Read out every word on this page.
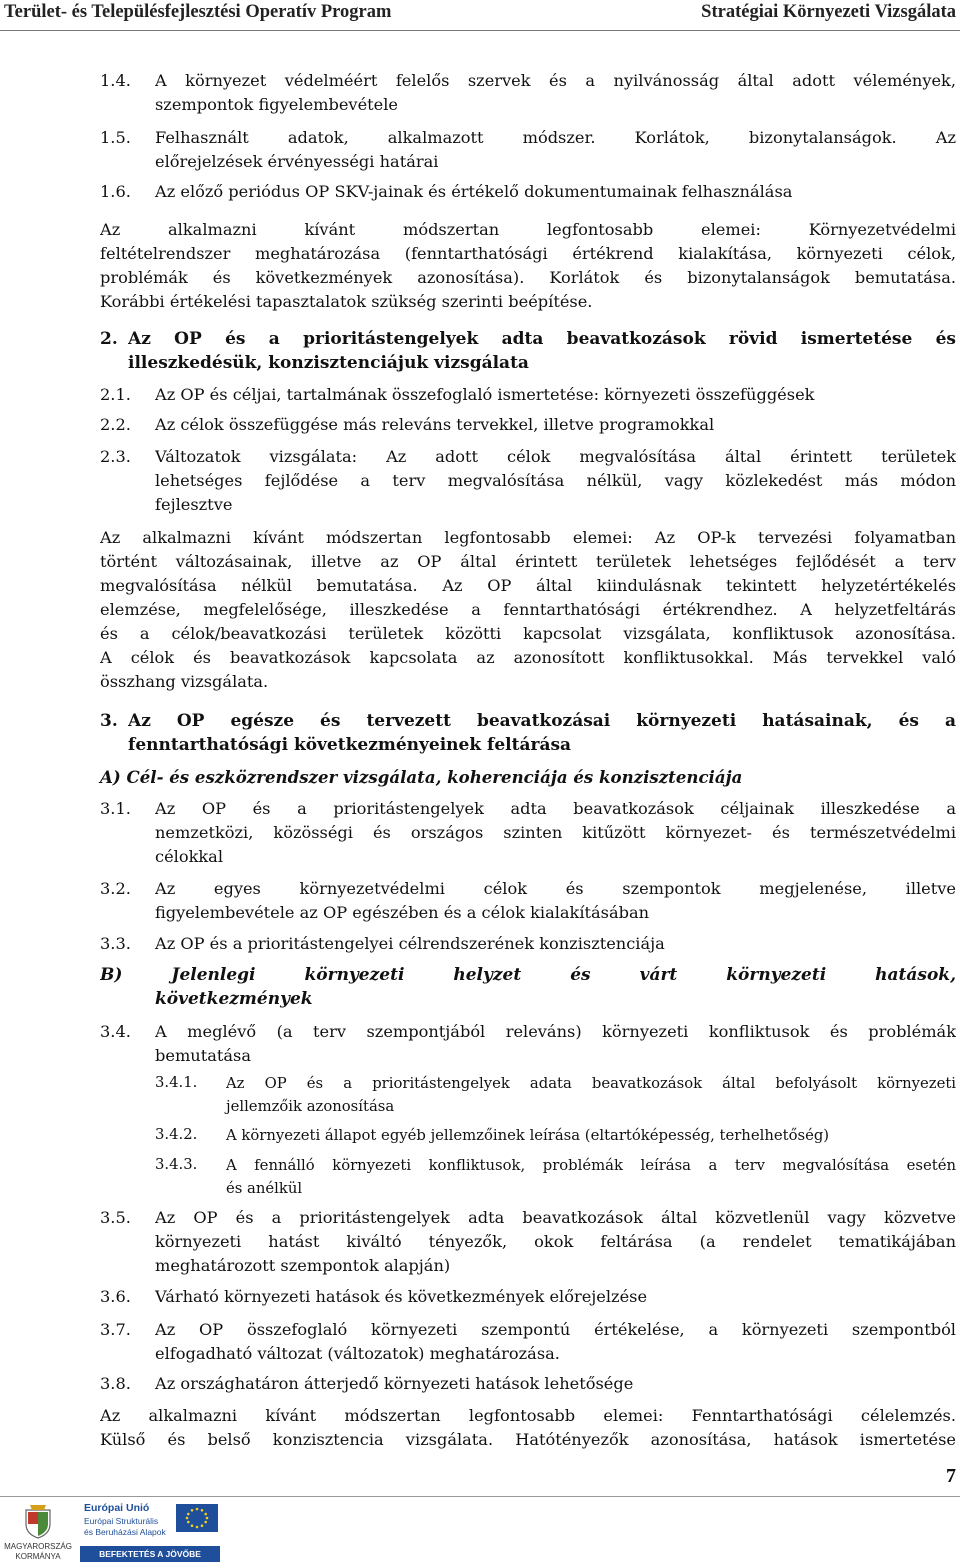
Terület- és Településfejlesztési Operatív Program	Stratégiai Környezeti Vizsgálata
1.4.
1.5.
1.6.
2.
2.1.
2.2.
2.3.
3.
3.1.
3.2.
3.3.
3.4.
3.4.1.
3.4.2.
3.4.3.
3.5.
3.6.
3.7.
3.8.
A környezet védelméért felelős szervek és a nyilvánosság által adott vélemények,
szempontok figyelembevétele
Felhasznált adatok, alkalmazott módszer. Korlátok, bizonytalanságok. Az
előrejelzések érvényességi határai
Az előző periódus OP SKV-jainak és értékelő dokumentumainak felhasználása
Az alkalmazni kívánt módszertan legfontosabb elemei: Környezetvédelmi
feltételrendszer meghatározása (fenntarthatósági értékrend kialakítása, környezeti célok,
problémák és következmények azonosítása). Korlátok és bizonytalanságok bemutatása.
Korábbi értékelési tapasztalatok szükség szerinti beépítése.
Az OP és a prioritástengelyek adta beavatkozások rövid ismertetése és
illeszkedésük, konzisztenciájuk vizsgálata
Az OP és céljai, tartalmának összefoglaló ismertetése: környezeti összefüggések
Az célok összefüggése más releváns tervekkel, illetve programokkal
Változatok vizsgálata: Az adott célok megvalósítása által érintett területek
lehetséges fejlődése a terv megvalósítása nélkül, vagy közlekedést más módon
fejlesztve
Az alkalmazni kívánt módszertan legfontosabb elemei: Az OP-k tervezési folyamatban
történt változásainak, illetve az OP által érintett területek lehetséges fejlődését a terv
megvalósítása nélkül bemutatása. Az OP által kiindulásnak tekintett helyzetértékelés
elemzése, megfelelősége, illeszkedése a fenntarthatósági értékrendhez. A helyzetfeltárás
és a célok/beavatkozási területek közötti kapcsolat vizsgálata, konfliktusok azonosítása.
A célok és beavatkozások kapcsolata az azonosított konfliktusokkal. Más tervekkel való
összhang vizsgálata.
Az OP egésze és tervezett beavatkozásai környezeti hatásainak, és a
fenntarthatósági következményeinek feltárása
A) Cél- és eszközrendszer vizsgálata, koherenciája és konzisztenciája
Az OP és a prioritástengelyek adta beavatkozások céljainak illeszkedése a
nemzetközi, közösségi és országos szinten kitűzött környezet- és természetvédelmi
célokkal
Az egyes környezetvédelmi célok és szempontok megjelenése, illetve
figyelembevétele az OP egészében és a célok kialakításában
Az OP és a prioritástengelyei célrendszerének konzisztenciája
B) Jelenlegi környezeti helyzet és várt környezeti hatások,
következmények
A meglévő (a terv szempontjából releváns) környezeti konfliktusok és problémák
bemutatása
Az OP és a prioritástengelyek adata beavatkozások által befolyásolt környezeti
jellemzőik azonosítása
A környezeti állapot egyéb jellemzőinek leírása (eltartóképesség, terhelhetőség)
A fennálló környezeti konfliktusok, problémák leírása a terv megvalósítása esetén
és anélkül
Az OP és a prioritástengelyek adta beavatkozások által közvetlenül vagy közvetve
környezeti hatást kiváltó tényezők, okok feltárása (a rendelet tematikájában
meghatározott szempontok alapján)
Várható környezeti hatások és következmények előrejelzése
Az OP összefoglaló környezeti szempontú értékelése, a környezeti szempontból
elfogadható változat (változatok) meghatározása.
Az országhatáron átterjedő környezeti hatások lehetősége
Az alkalmazni kívánt módszertan legfontosabb elemei: Fenntarthatósági célelemzés.
Külső és belső konzisztencia vizsgálata. Hatótényezők azonosítása, hatások ismertetése
7
MAGYARORSZÁG
KORMÁNYA
Európai Unió
Európai Strukturális
és Beruházási Alapok
BEFEKTETÉS A JÖVŐBE
